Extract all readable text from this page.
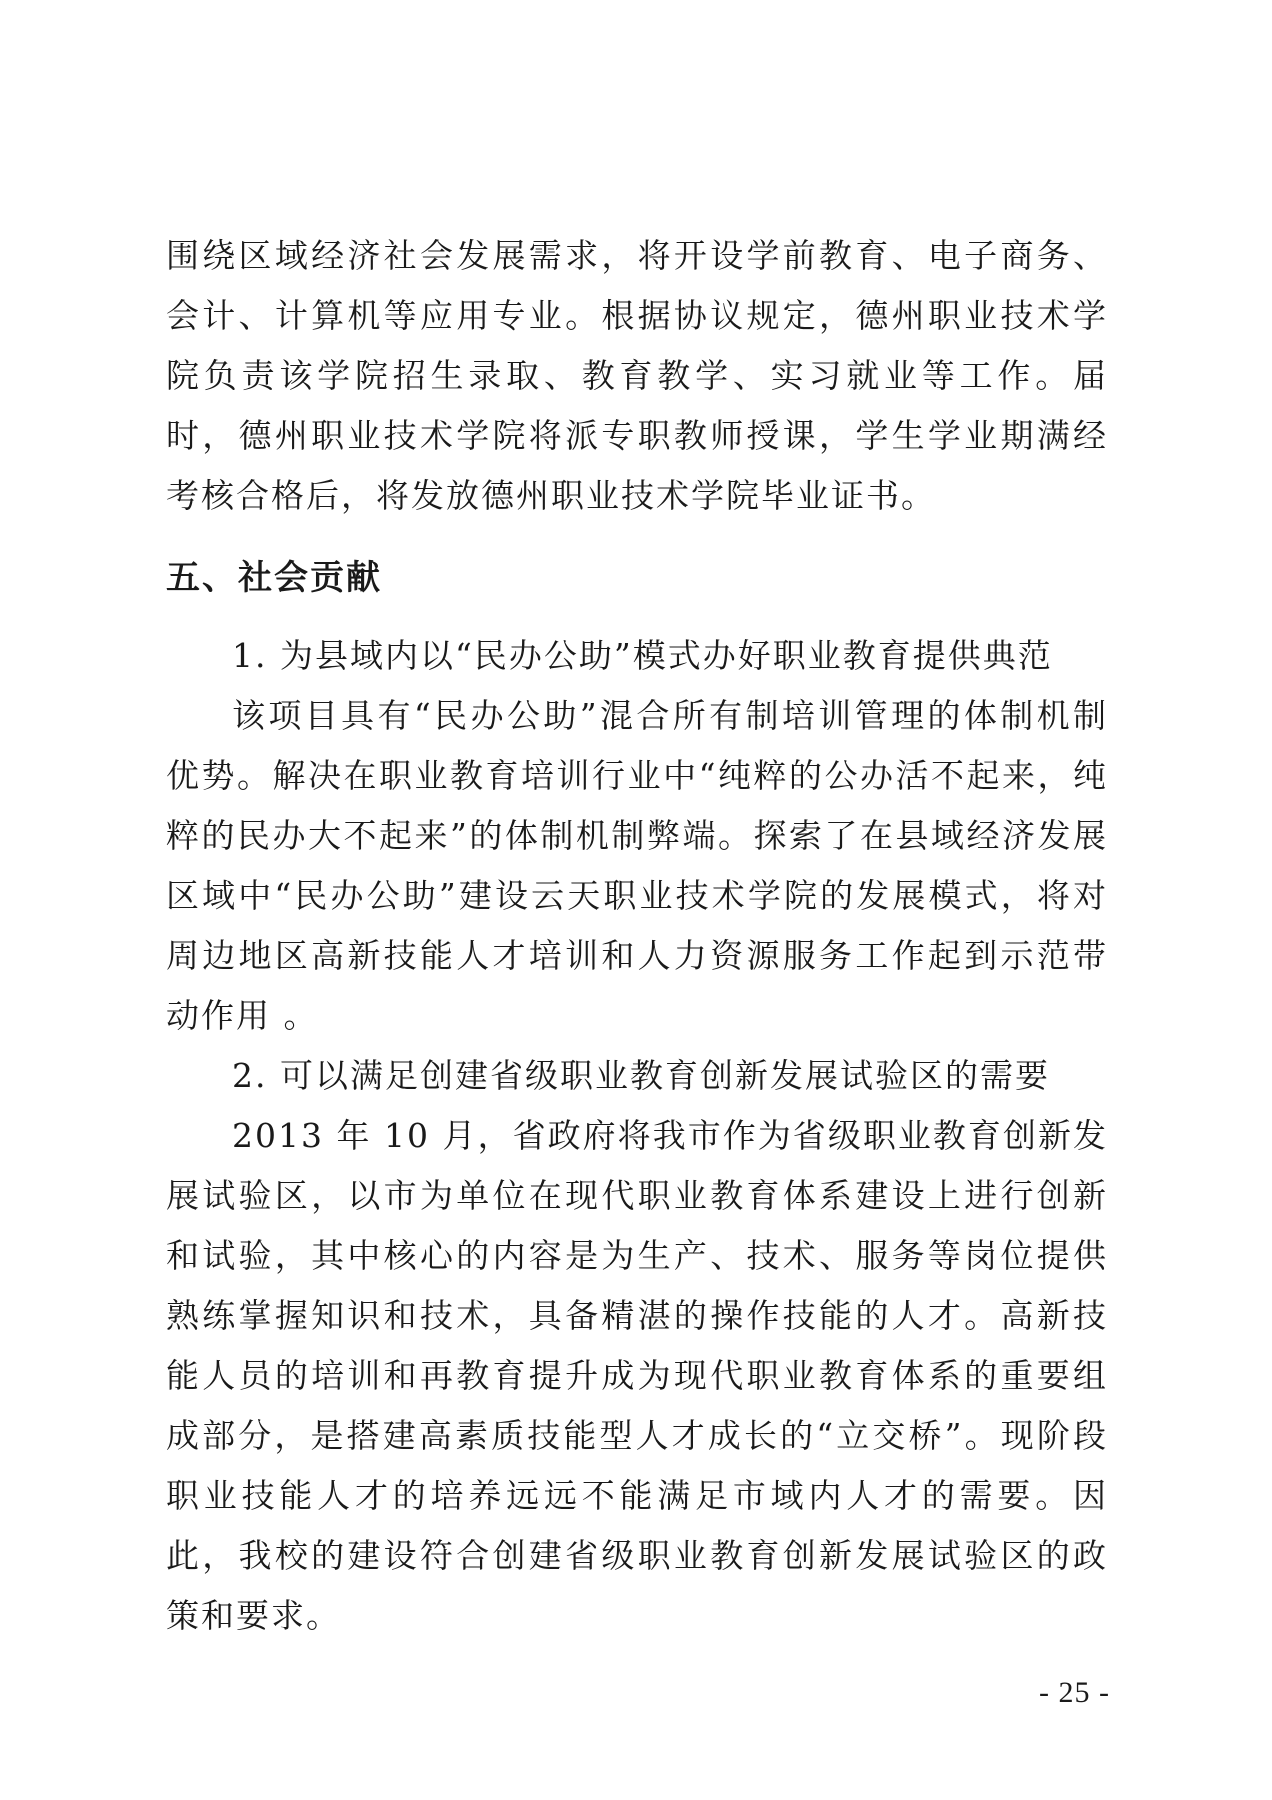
围绕区域经济社会发展需求，将开设学前教育、电子商务、会计、计算机等应用专业。根据协议规定，德州职业技术学院负责该学院招生录取、教育教学、实习就业等工作。届时，德州职业技术学院将派专职教师授课，学生学业期满经考核合格后，将发放德州职业技术学院毕业证书。

五、社会贡献

1. 为县域内以“民办公助”模式办好职业教育提供典范

该项目具有“民办公助”混合所有制培训管理的体制机制优势。解决在职业教育培训行业中“纯粹的公办活不起来，纯粹的民办大不起来”的体制机制弊端。探索了在县域经济发展区域中“民办公助”建设云天职业技术学院的发展模式，将对周边地区高新技能人才培训和人力资源服务工作起到示范带动作用 。

2. 可以满足创建省级职业教育创新发展试验区的需要

2013 年 10 月，省政府将我市作为省级职业教育创新发展试验区，以市为单位在现代职业教育体系建设上进行创新和试验，其中核心的内容是为生产、技术、服务等岗位提供熟练掌握知识和技术，具备精湛的操作技能的人才。高新技能人员的培训和再教育提升成为现代职业教育体系的重要组成部分，是搭建高素质技能型人才成长的“立交桥”。现阶段职业技能人才的培养远远不能满足市域内人才的需要。因此，我校的建设符合创建省级职业教育创新发展试验区的政策和要求。

- 25 -
